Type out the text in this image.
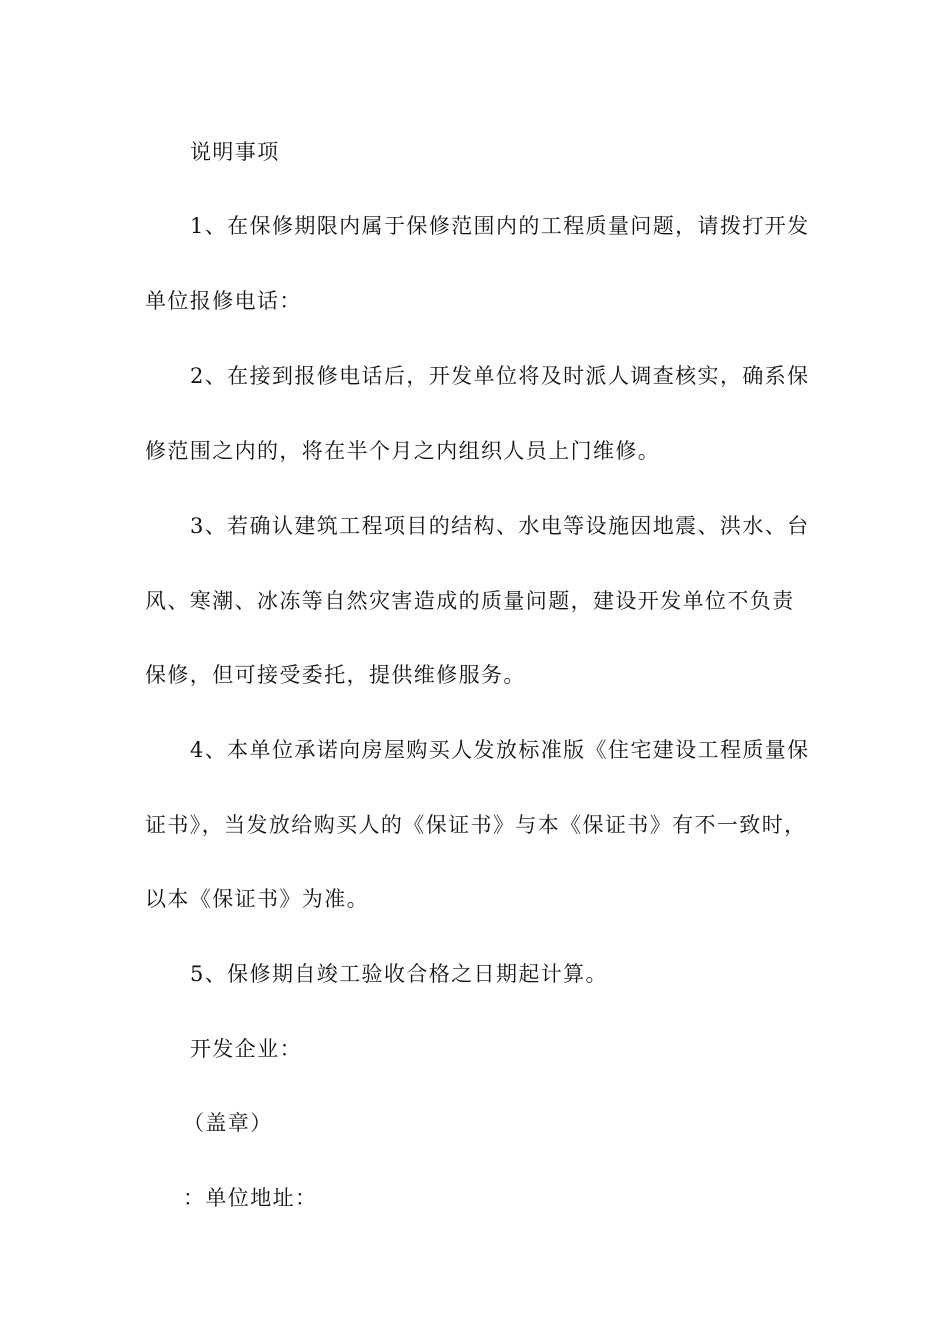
说明事项
1、在保修期限内属于保修范围内的工程质量问题，请拨打开发
单位报修电话：
2、在接到报修电话后，开发单位将及时派人调查核实，确系保
修范围之内的，将在半个月之内组织人员上门维修。
3、若确认建筑工程项目的结构、水电等设施因地震、洪水、台
风、寒潮、冰冻等自然灾害造成的质量问题，建设开发单位不负责
保修，但可接受委托，提供维修服务。
4、本单位承诺向房屋购买人发放标准版《住宅建设工程质量保
证书》，当发放给购买人的《保证书》与本《保证书》有不一致时，
以本《保证书》为准。
5、保修期自竣工验收合格之日期起计算。
开发企业：
（盖章）
：单位地址：
